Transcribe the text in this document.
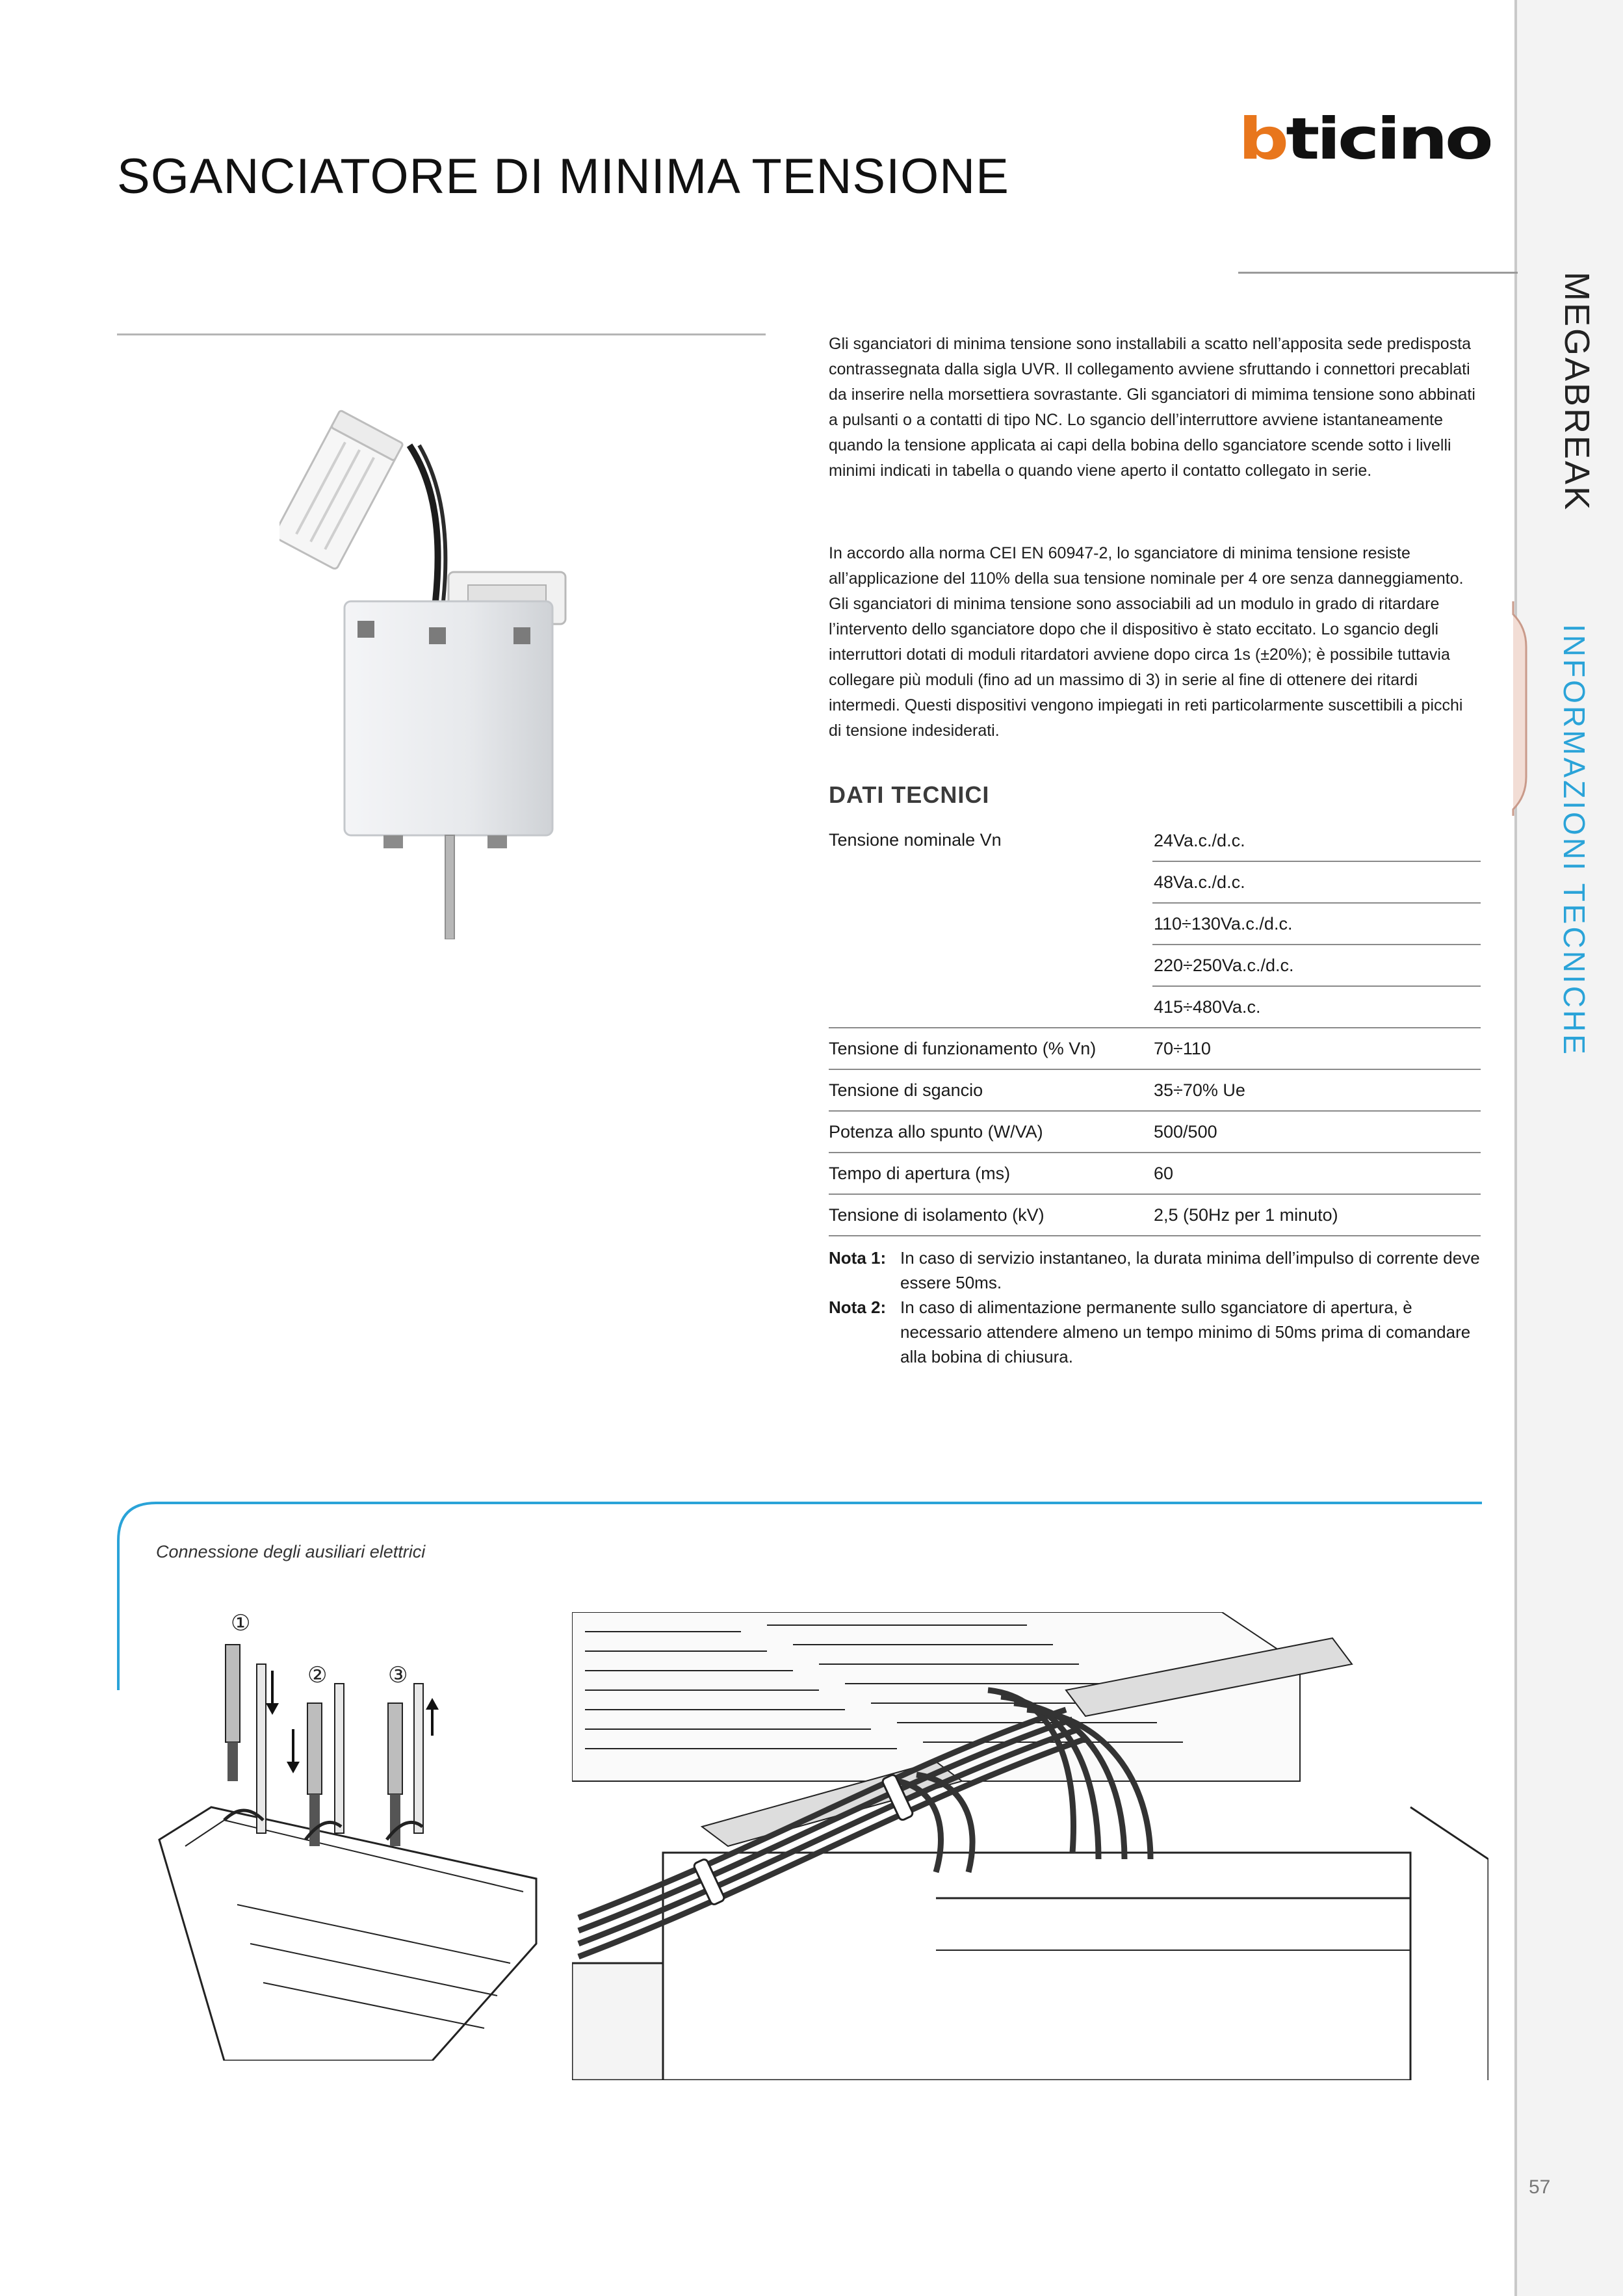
MEGABREAK
INFORMAZIONI TECNICHE
SGANCIATORE DI MINIMA TENSIONE
b ticino

Gli sganciatori di minima tensione sono installabili a scatto nell’apposita sede predisposta contrassegnata dalla sigla UVR. Il collegamento avviene sfruttando i connettori precablati da inserire nella morsettiera sovrastante. Gli sganciatori di mimima tensione sono abbinati a pulsanti o a contatti di tipo NC. Lo sgancio dell’interruttore avviene istantaneamente quando la tensione applicata ai capi della bobina dello sganciatore scende sotto i livelli minimi indicati in tabella o quando viene aperto il contatto collegato in serie.

In accordo alla norma CEI EN 60947-2, lo sganciatore di minima tensione resiste all’applicazione del 110% della sua tensione nominale per 4 ore senza danneggiamento. Gli sganciatori di minima tensione sono associabili ad un modulo in grado di ritardare l’intervento dello sganciatore dopo che il dispositivo è stato eccitato. Lo sgancio degli interruttori dotati di moduli ritardatori avviene dopo circa 1s (±20%); è possibile tuttavia collegare più moduli (fino ad un massimo di 3) in serie al fine di ottenere dei ritardi intermedi. Questi dispositivi vengono impiegati in reti particolarmente suscettibili a picchi di tensione indesiderati.

DATI TECNICI
Tensione nominale Vn	24Va.c./d.c.
	48Va.c./d.c.
	110÷130Va.c./d.c.
	220÷250Va.c./d.c.
	415÷480Va.c.
Tensione di funzionamento (% Vn)	70÷110
Tensione di sgancio	35÷70% Ue
Potenza allo spunto (W/VA)	500/500
Tempo di apertura (ms)	60
Tensione di isolamento (kV)	2,5 (50Hz per 1 minuto)
Nota 1: In caso di servizio instantaneo, la durata minima dell’impulso di corrente deve essere 50ms.
Nota 2: In caso di alimentazione permanente sullo sganciatore di apertura, è necessario attendere almeno un tempo minimo di 50ms prima di comandare alla bobina di chiusura.
Connessione degli ausiliari elettrici
①
②	③
57
